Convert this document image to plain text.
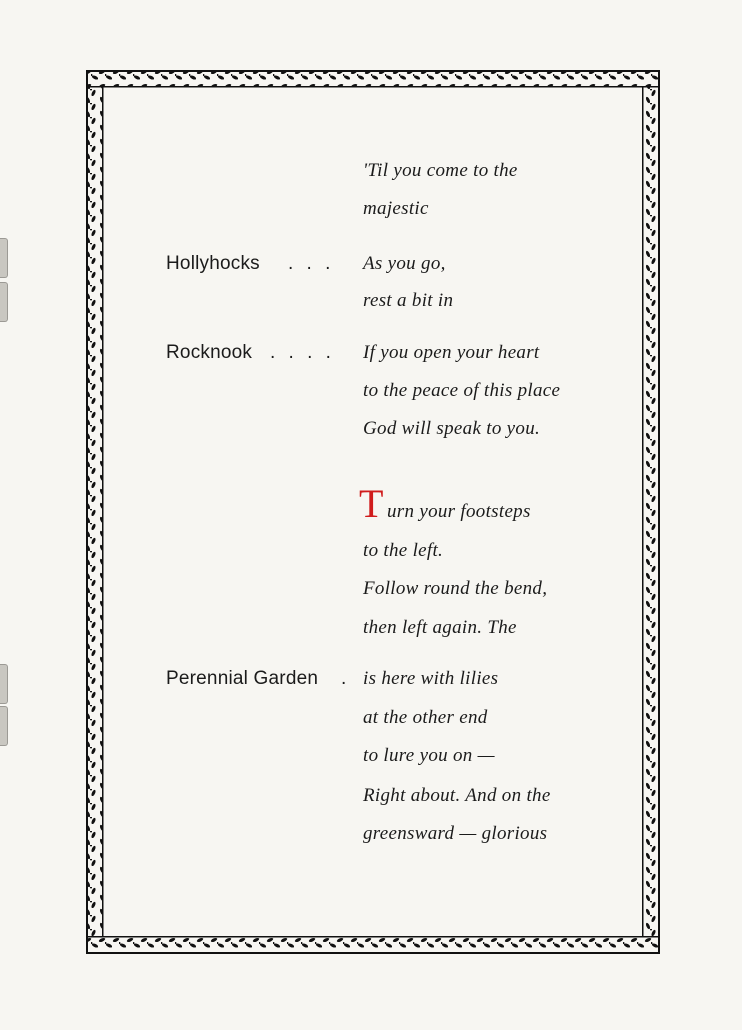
'Til you come to the
majestic
Hollyhocks . . . As you go,
rest a bit in
Rocknook . . . . If you open your heart
to the peace of this place
God will speak to you.
T urn your footsteps
to the left.
Follow round the bend,
then left again. The
Perennial Garden . is here with lilies
at the other end
to lure you on —
Right about. And on the
greensward — glorious
